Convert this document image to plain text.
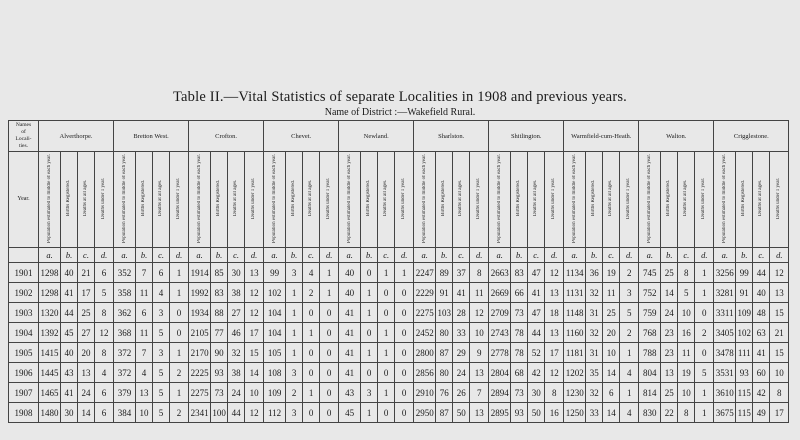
Table II.—Vital Statistics of separate Localities in 1908 and previous years.
Name of District :—Wakefield Rural.
Names
of
Locali-
ties.	Alverthorpe.				Bretton West.				Crofton.				Chevet.				Newland.				Sharlston.				Shitlington.				Warmfield-cum-Heath.				Walton.				Crigglestone.			
Year.	Population estimated to middle of each year.	Births Registered.	Deaths at all ages.	Deaths under 1 year.	Population estimated to middle of each year.	Births Registered.	Deaths at all ages.	Deaths under 1 year.	Population estimated to middle of each year.	Births Registered.	Deaths at all ages.	Deaths under 1 year.	Population estimated to middle of each year.	Births Registered.	Deaths at all ages.	Deaths under 1 year.	Population estimated to middle of each year.	Births Registered.	Deaths at all ages.	Deaths under 1 year.	Population estimated to middle of each year.	Births Registered.	Deaths at all ages.	Deaths under 1 year.	Population estimated to middle of each year.	Births Registered.	Deaths at all ages.	Deaths under 1 year.	Population estimated to middle of each year.	Births Registered.	Deaths at all ages.	Deaths under 1 year.	Population estimated to middle of each year.	Births Registered.	Deaths at all ages.	Deaths under 1 year.	Population estimated to middle of each year.	Births Registered.	Deaths at all ages.	Deaths under 1 year.
	a.	b.	c.	d.	a.	b.	c.	d.	a.	b.	c.	d.	a.	b.	c.	d.	a.	b.	c.	d.	a.	b.	c.	d.	a.	b.	c.	d.	a.	b.	c.	d.	a.	b.	c.	d.	a.	b.	c.	d.
1901	1298	40	21	6	352	7	6	1	1914	85	30	13	99	3	4	1	40	0	1	1	2247	89	37	8	2663	83	47	12	1134	36	19	2	745	25	8	1	3256	99	44	12
1902	1298	41	17	5	358	11	4	1	1992	83	38	12	102	1	2	1	40	1	0	0	2229	91	41	11	2669	66	41	13	1131	32	11	3	752	14	5	1	3281	91	40	13
1903	1320	44	25	8	362	6	3	0	1934	88	27	12	104	1	0	0	41	1	0	0	2275	103	28	12	2709	73	47	18	1148	31	25	5	759	24	10	0	3311	109	48	15
1904	1392	45	27	12	368	11	5	0	2105	77	46	17	104	1	1	0	41	0	1	0	2452	80	33	10	2743	78	44	13	1160	32	20	2	768	23	16	2	3405	102	63	21
1905	1415	40	20	8	372	7	3	1	2170	90	32	15	105	1	0	0	41	1	1	0	2800	87	29	9	2778	78	52	17	1181	31	10	1	788	23	11	0	3478	111	41	15
1906	1445	43	13	4	372	4	5	2	2225	93	38	14	108	3	0	0	41	0	0	0	2856	80	24	13	2804	68	42	12	1202	35	14	4	804	13	19	5	3531	93	60	10
1907	1465	41	24	6	379	13	5	1	2275	73	24	10	109	2	1	0	43	3	1	0	2910	76	26	7	2894	73	30	8	1230	32	6	1	814	25	10	1	3610	115	42	8
1908	1480	30	14	6	384	10	5	2	2341	100	44	12	112	3	0	0	45	1	0	0	2950	87	50	13	2895	93	50	16	1250	33	14	4	830	22	8	1	3675	115	49	17
